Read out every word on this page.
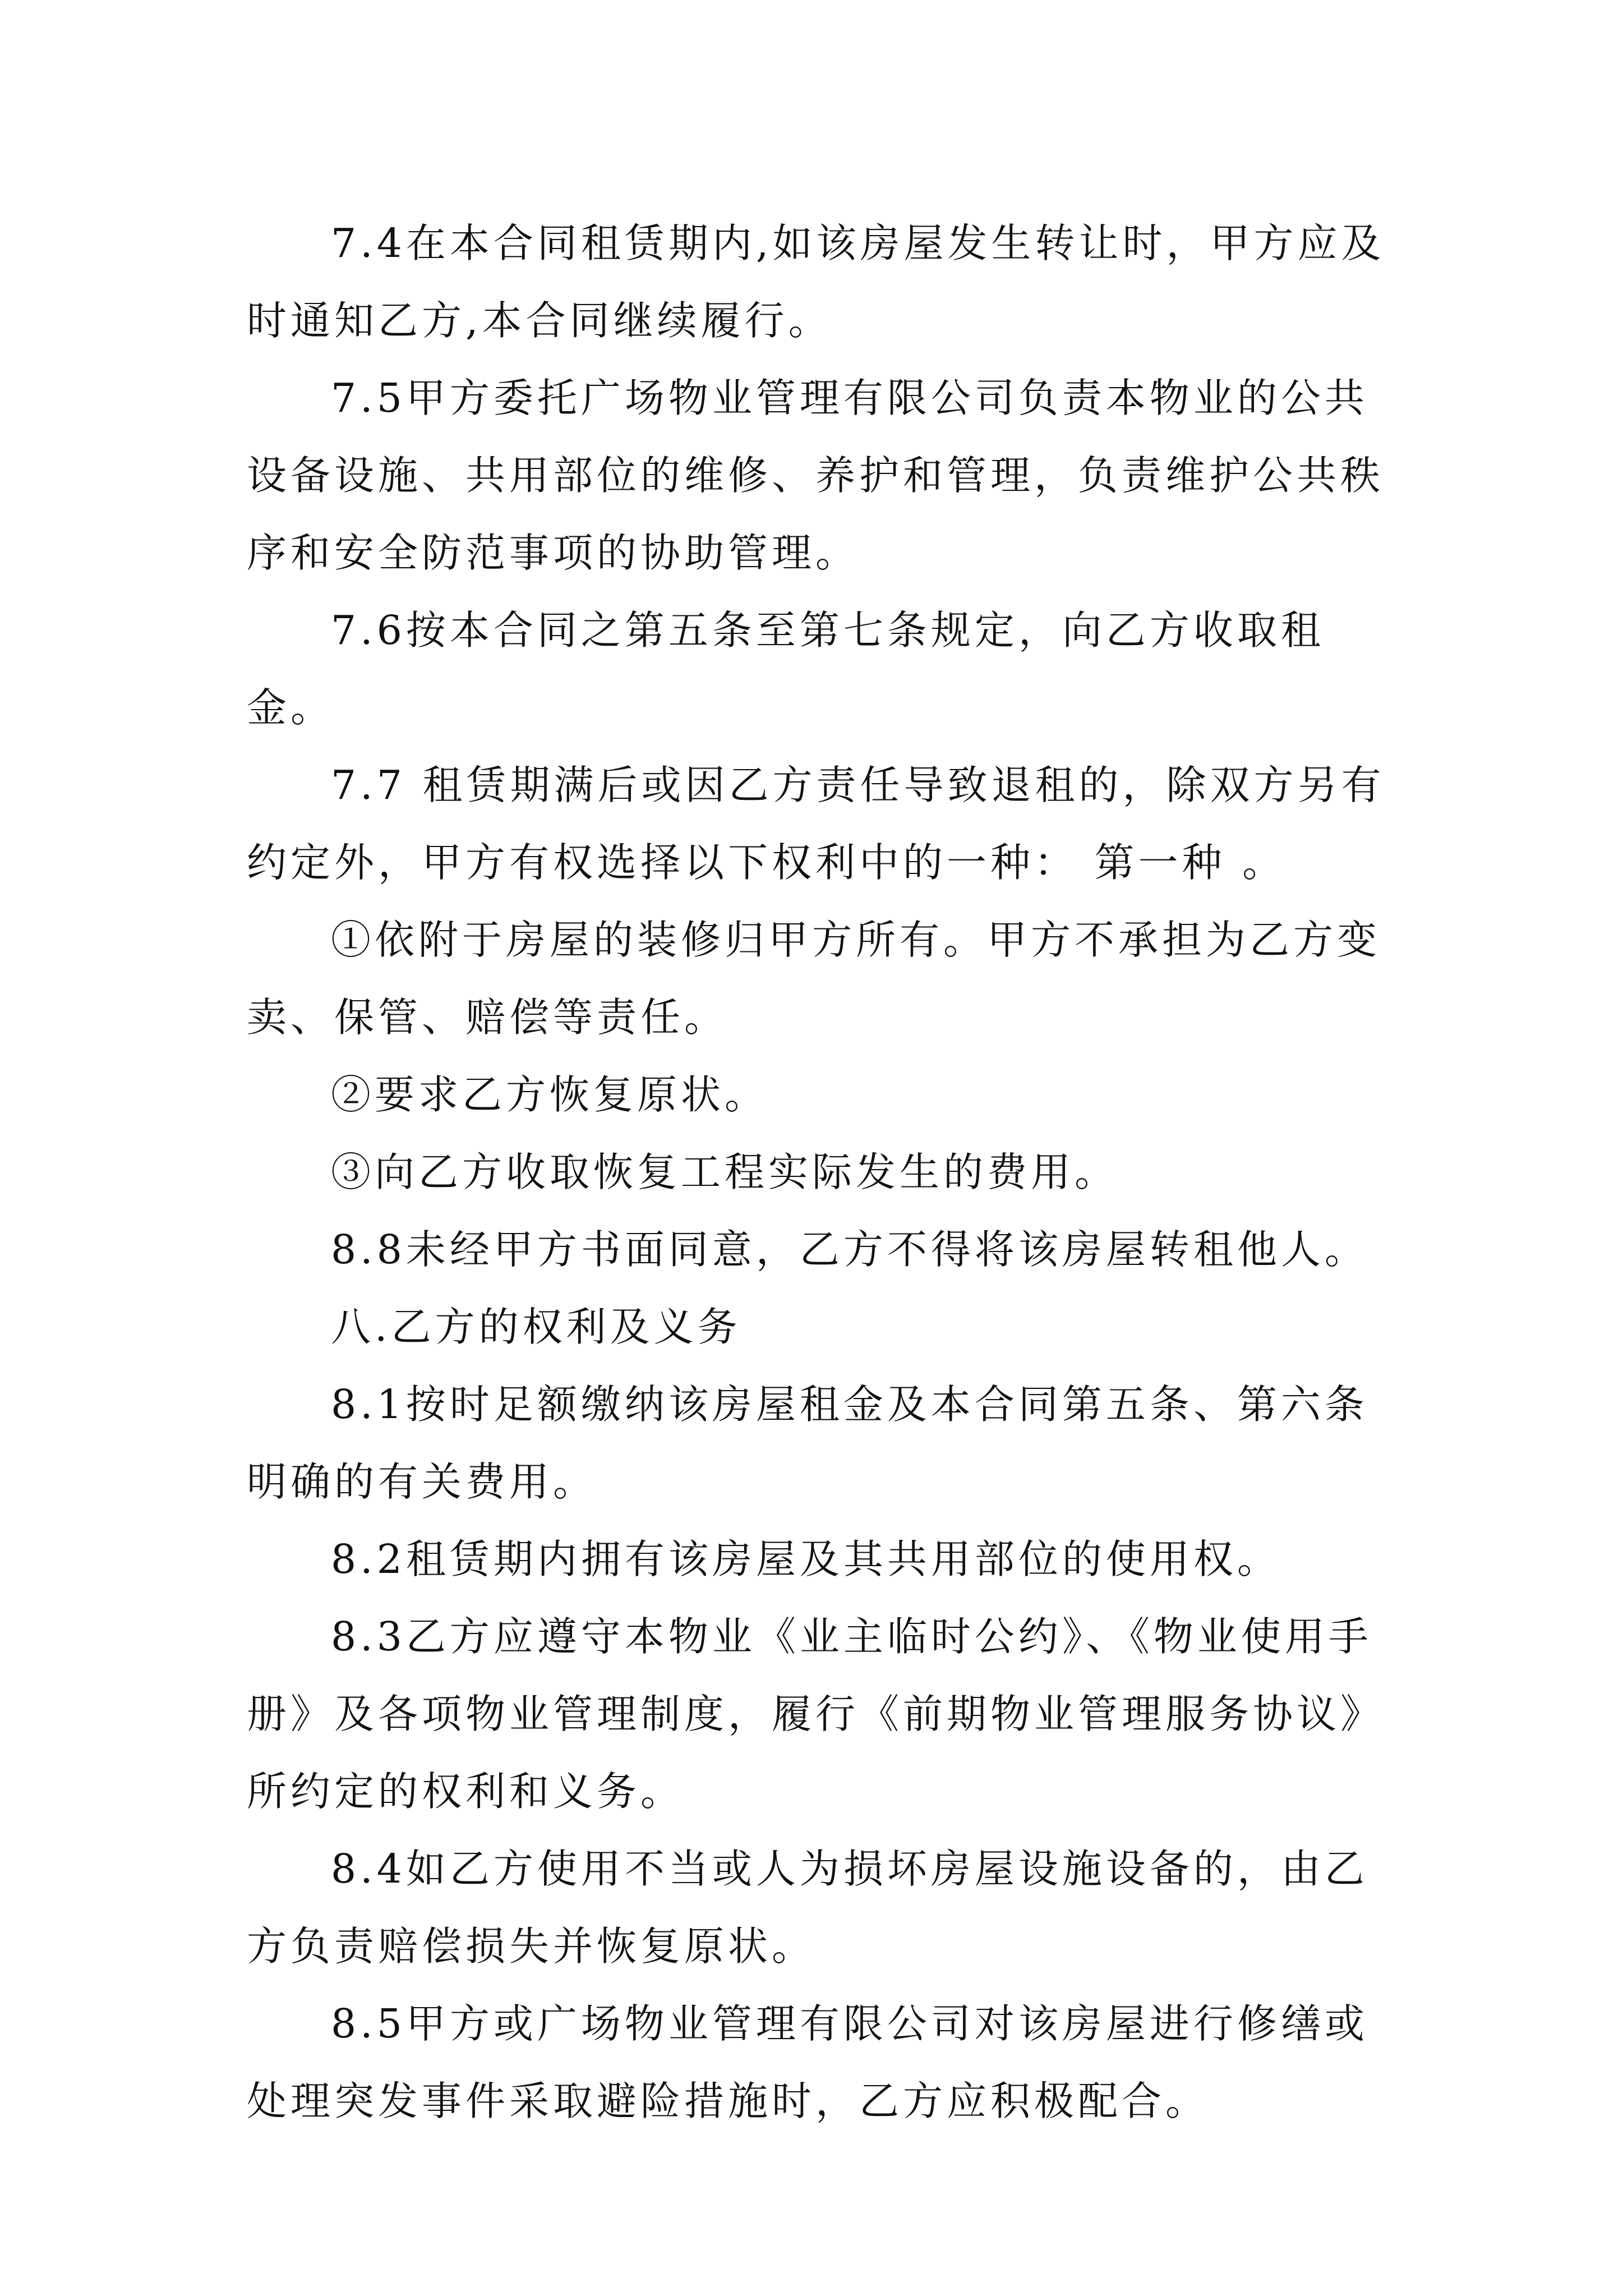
7.4在本合同租赁期内,如该房屋发生转让时，甲方应及时通知乙方,本合同继续履行。

7.5甲方委托广场物业管理有限公司负责本物业的公共设备设施、共用部位的维修、养护和管理，负责维护公共秩序和安全防范事项的协助管理。

7.6按本合同之第五条至第七条规定，向乙方收取租金。

7.7 租赁期满后或因乙方责任导致退租的，除双方另有约定外，甲方有权选择以下权利中的一种： 第一种 。

①依附于房屋的装修归甲方所有。甲方不承担为乙方变卖、保管、赔偿等责任。

②要求乙方恢复原状。

③向乙方收取恢复工程实际发生的费用。

8.8未经甲方书面同意，乙方不得将该房屋转租他人。

八.乙方的权利及义务

8.1按时足额缴纳该房屋租金及本合同第五条、第六条明确的有关费用。

8.2租赁期内拥有该房屋及其共用部位的使用权。

8.3乙方应遵守本物业《业主临时公约》、《物业使用手册》及各项物业管理制度，履行《前期物业管理服务协议》所约定的权利和义务。

8.4如乙方使用不当或人为损坏房屋设施设备的，由乙方负责赔偿损失并恢复原状。

8.5甲方或广场物业管理有限公司对该房屋进行修缮或处理突发事件采取避险措施时，乙方应积极配合。
